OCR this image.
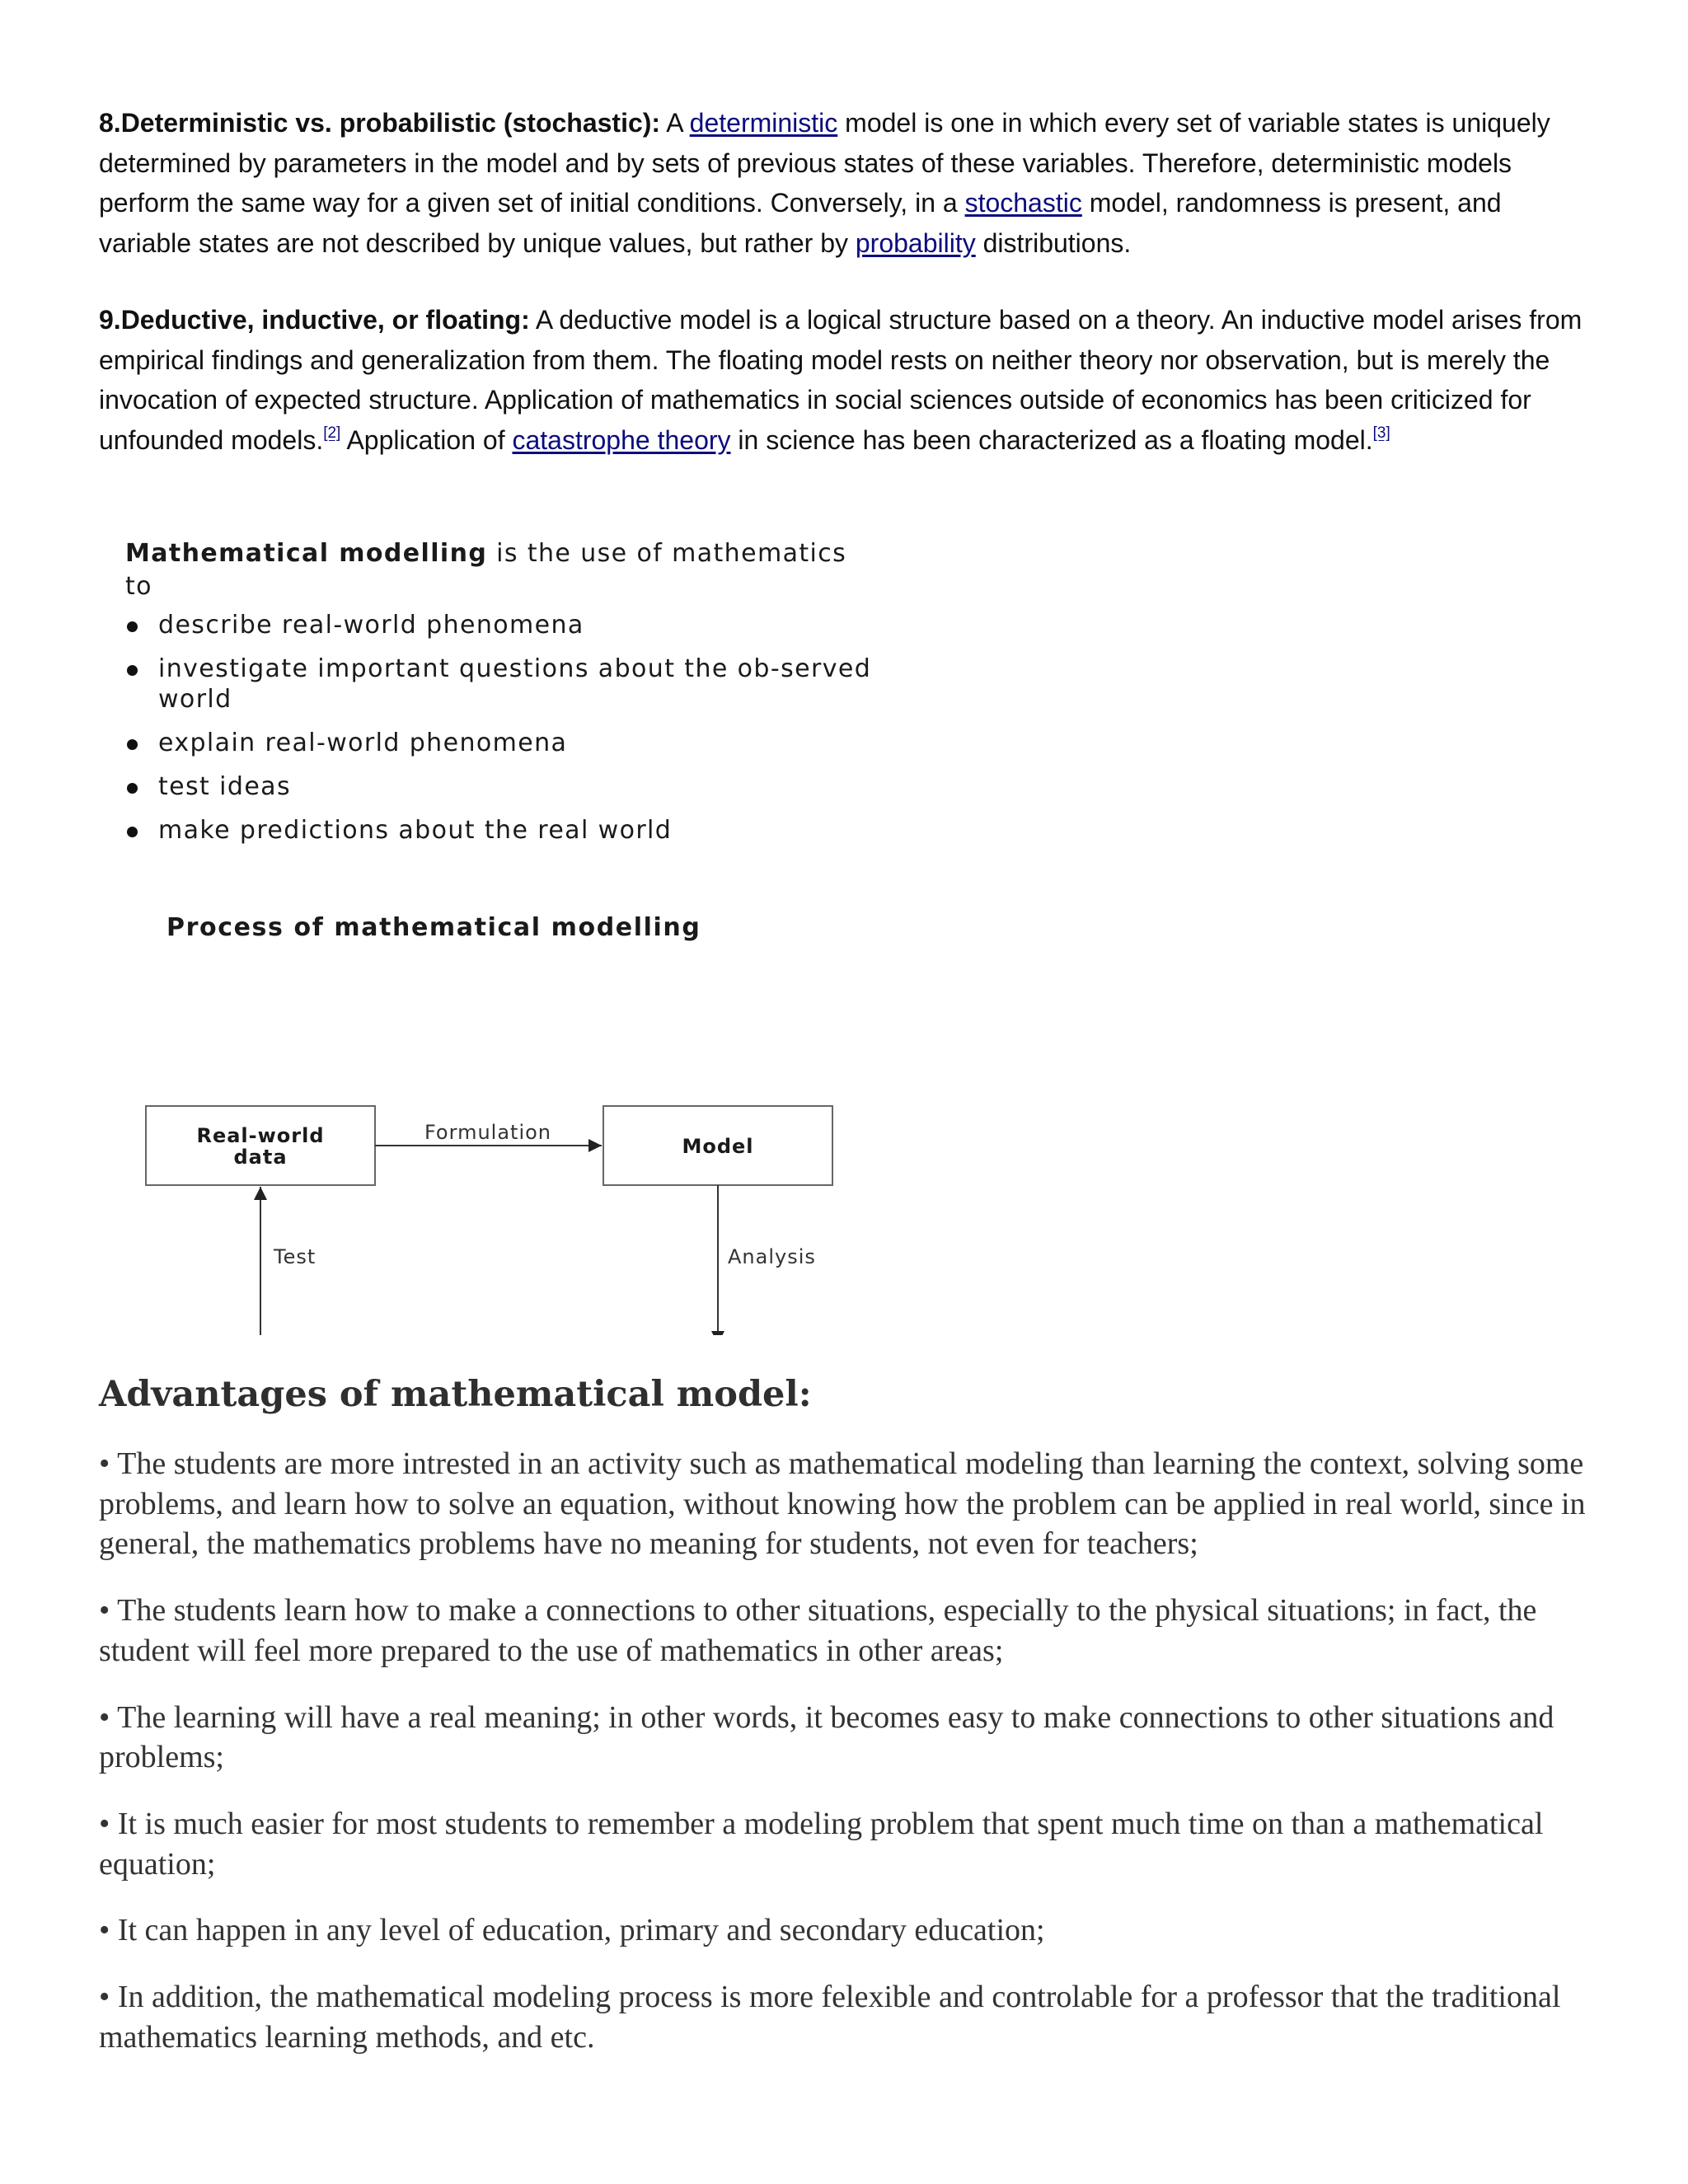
8.Deterministic vs. probabilistic (stochastic): A deterministic model is one in which every set of variable states is uniquely determined by parameters in the model and by sets of previous states of these variables. Therefore, deterministic models perform the same way for a given set of initial conditions. Conversely, in a stochastic model, randomness is present, and variable states are not described by unique values, but rather by probability distributions.

9.Deductive, inductive, or floating: A deductive model is a logical structure based on a theory. An inductive model arises from empirical findings and generalization from them. The floating model rests on neither theory nor observation, but is merely the invocation of expected structure. Application of mathematics in social sciences outside of economics has been criticized for unfounded models.[2] Application of catastrophe theory in science has been characterized as a floating model.[3]

Mathematical modelling is the use of mathematics to
describe real-world phenomena
investigate important questions about the ob-served world
explain real-world phenomena
test ideas
make predictions about the real world
Process of mathematical modelling
Real-world
data	Model
Formulation
Analysis
Test
Advantages of mathematical model:
• The students are more intrested in an activity such as mathematical modeling than learning the context, solving some problems, and learn how to solve an equation, without knowing how the problem can be applied in real world, since in general, the mathematics problems have no meaning for students, not even for teachers;
• The students learn how to make a connections to other situations, especially to the physical situations; in fact, the student will feel more prepared to the use of mathematics in other areas;
• The learning will have a real meaning; in other words, it becomes easy to make connections to other situations and problems;
• It is much easier for most students to remember a modeling problem that spent much time on than a mathematical equation;
• It can happen in any level of education, primary and secondary education;
• In addition, the mathematical modeling process is more felexible and controlable for a professor that the traditional mathematics learning methods, and etc.
